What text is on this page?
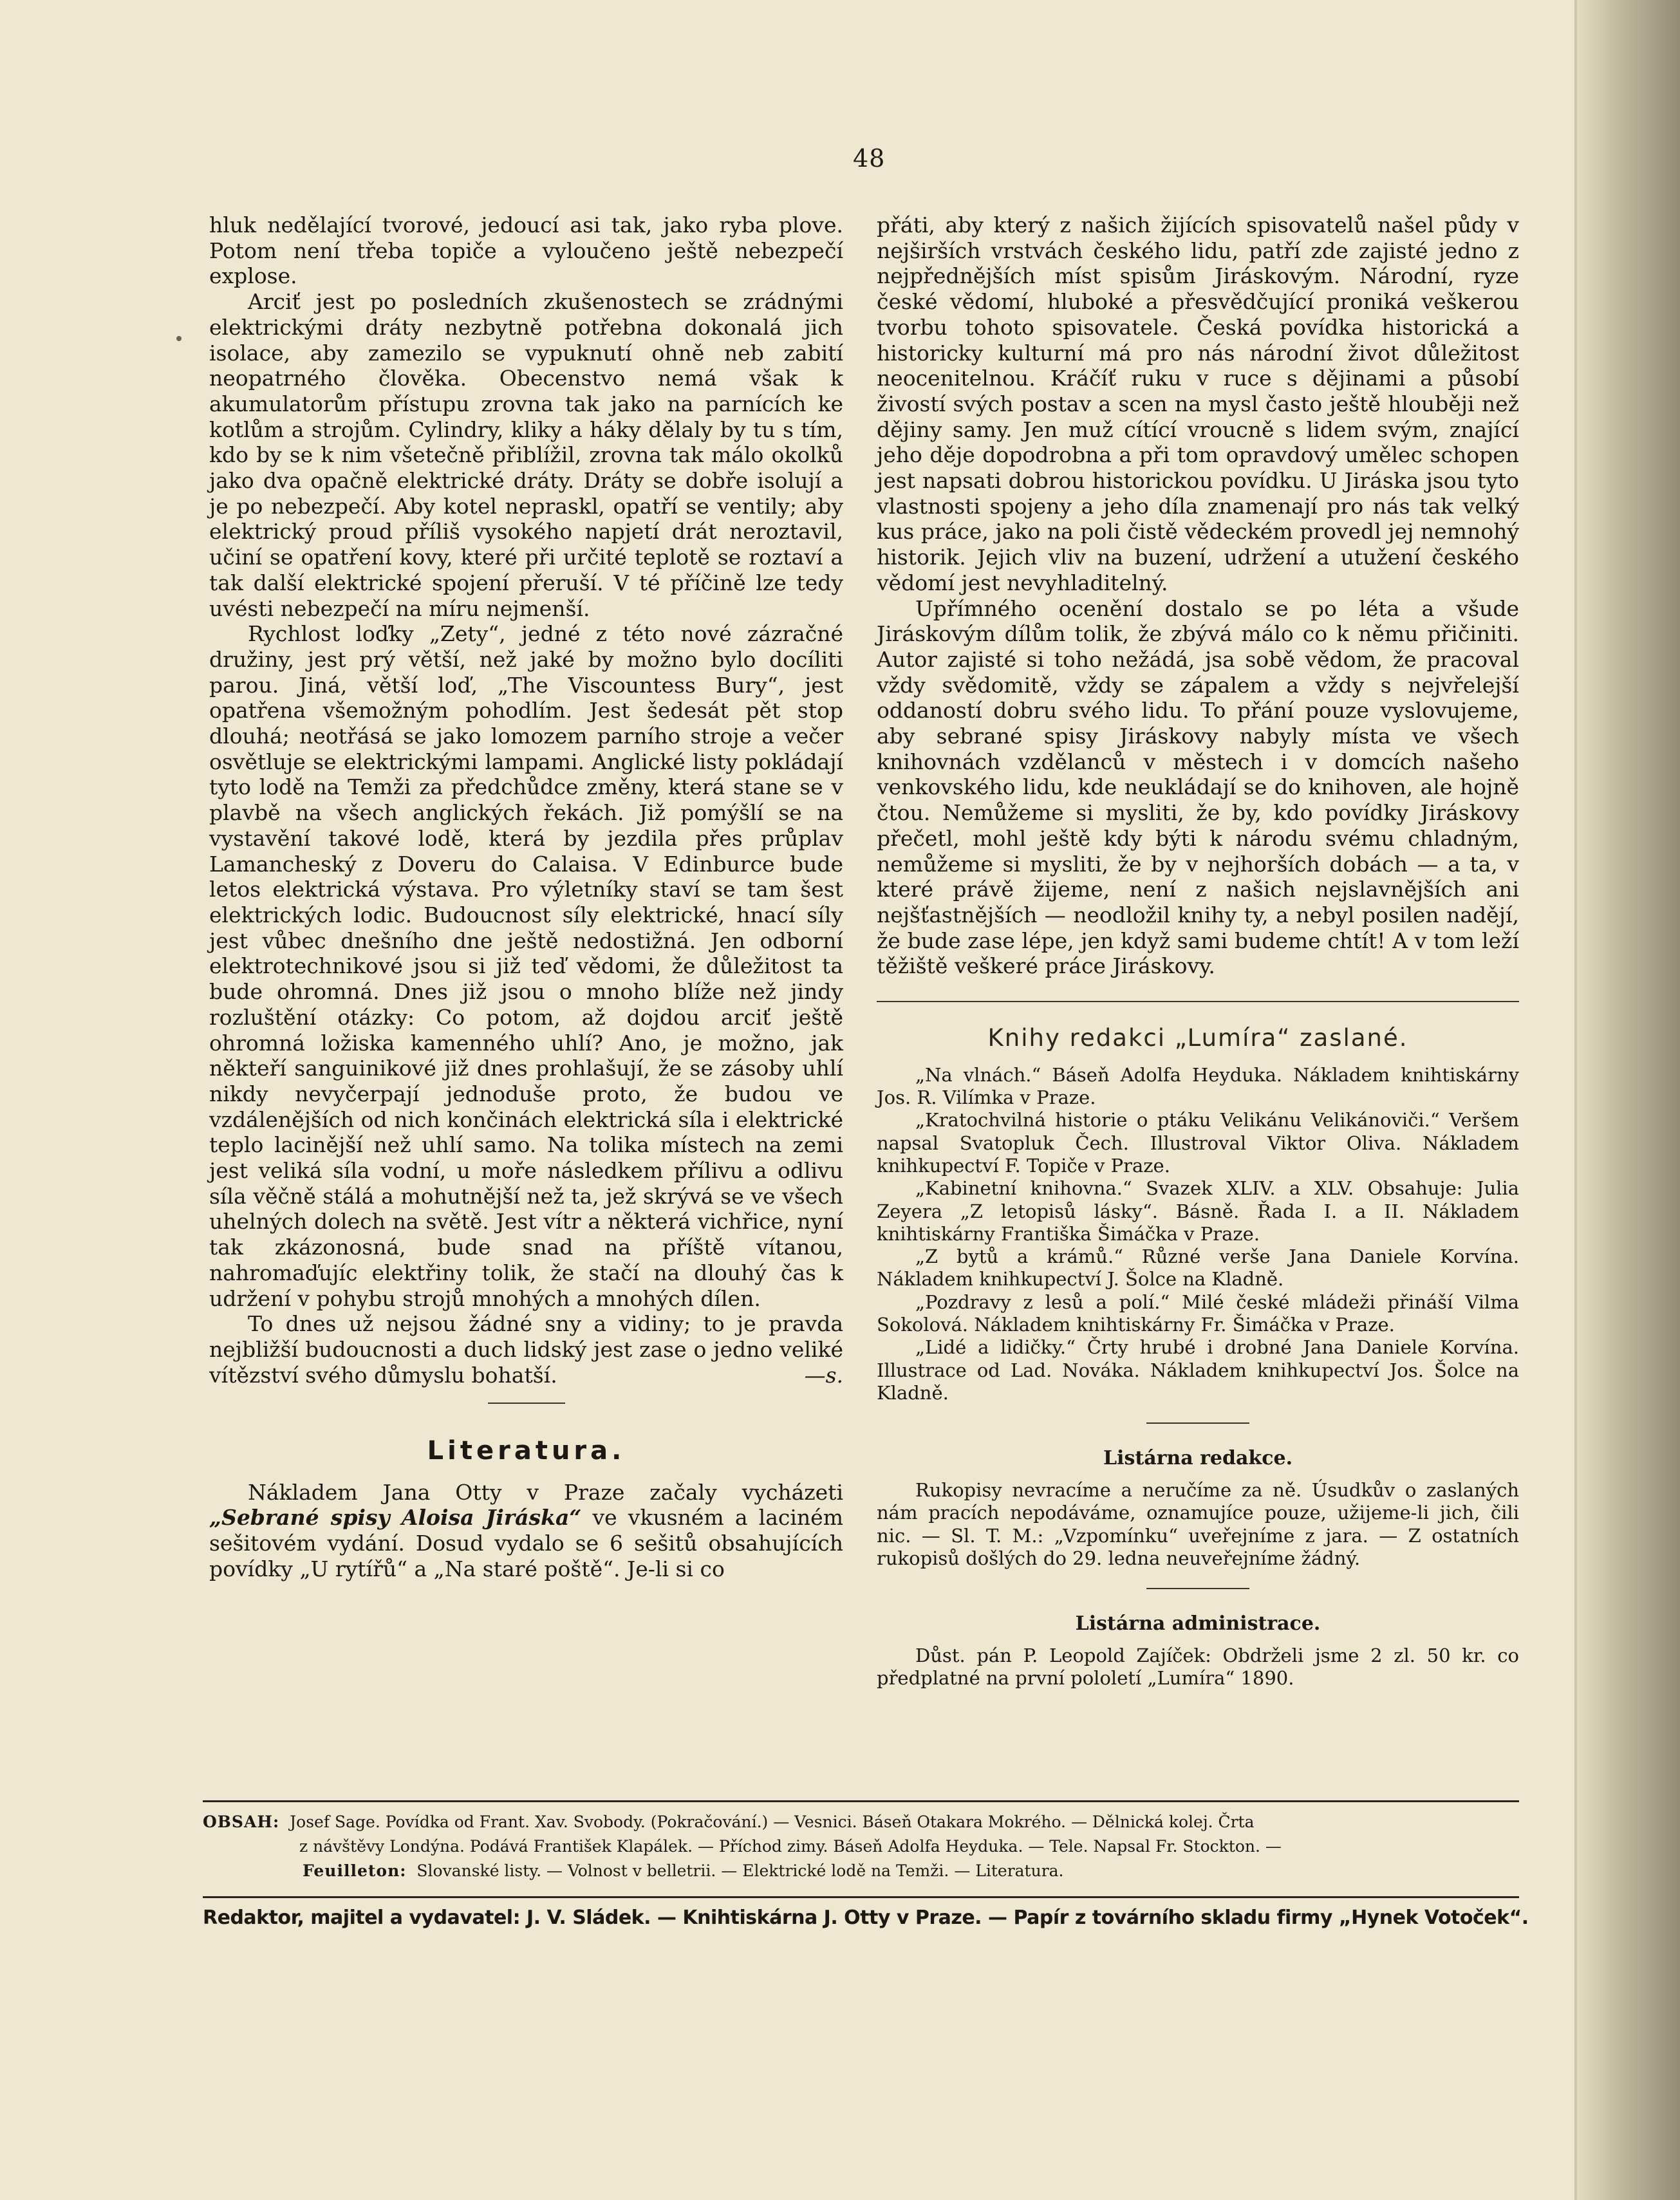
48

hluk nedělající tvorové, jedoucí asi tak, jako ryba plove. Potom není třeba topiče a vyloučeno ještě nebezpečí explose.

Arciť jest po posledních zkušenostech se zrádnými elektrickými dráty nezbytně potřebna dokonalá jich isolace, aby zamezilo se vypuknutí ohně neb zabití neopatrného člověka. Obecenstvo nemá však k akumulatorům přístupu zrovna tak jako na parnících ke kotlům a strojům. Cylindry, kliky a háky dělaly by tu s tím, kdo by se k nim všetečně přiblížil, zrovna tak málo okolků jako dva opačně elektrické dráty. Dráty se dobře isolují a je po nebezpečí. Aby kotel nepraskl, opatří se ventily; aby elektrický proud příliš vysokého napjetí drát neroztavil, učiní se opatření kovy, které při určité teplotě se roztaví a tak další elektrické spojení přeruší. V té příčině lze tedy uvésti nebezpečí na míru nejmenší.

Rychlost loďky „Zety“, jedné z této nové zázračné družiny, jest prý větší, než jaké by možno bylo docíliti parou. Jiná, větší loď, „The Viscountess Bury“, jest opatřena všemožným pohodlím. Jest šedesát pět stop dlouhá; neotřásá se jako lomozem parního stroje a večer osvětluje se elektrickými lampami. Anglické listy pokládají tyto lodě na Temži za předchůdce změny, která stane se v plavbě na všech anglických řekách. Již pomýšlí se na vystavění takové lodě, která by jezdila přes průplav Lamancheský z Doveru do Calaisa. V Edinburce bude letos elektrická výstava. Pro výletníky staví se tam šest elektrických lodic. Budoucnost síly elektrické, hnací síly jest vůbec dnešního dne ještě nedostižná. Jen odborní elektrotechnikové jsou si již teď vědomi, že důležitost ta bude ohromná. Dnes již jsou o mnoho blíže než jindy rozluštění otázky: Co potom, až dojdou arciť ještě ohromná ložiska kamenného uhlí? Ano, je možno, jak někteří sanguinikové již dnes prohlašují, že se zásoby uhlí nikdy nevyčerpají jednoduše proto, že budou ve vzdálenějších od nich končinách elektrická síla i elektrické teplo lacinější než uhlí samo. Na tolika místech na zemi jest veliká síla vodní, u moře následkem přílivu a odlivu síla věčně stálá a mohutnější než ta, jež skrývá se ve všech uhelných dolech na světě. Jest vítr a některá vichřice, nyní tak zkázonosná, bude snad na příště vítanou, nahromaďujíc elektřiny tolik, že stačí na dlouhý čas k udržení v pohybu strojů mnohých a mnohých dílen.

To dnes už nejsou žádné sny a vidiny; to je pravda nejbližší budoucnosti a duch lidský jest zase o jedno veliké vítězství svého důmyslu bohatší.	—s.
Literatura.

Nákladem Jana Otty v Praze začaly vycházeti „Sebrané spisy Aloisa Jiráska“ ve vkusném a laciném sešitovém vydání. Dosud vydalo se 6 sešitů obsahujících povídky „U rytířů“ a „Na staré poště“. Je-li si co

přáti, aby který z našich žijících spisovatelů našel půdy v nejširších vrstvách českého lidu, patří zde zajisté jedno z nejpřednějších míst spisům Jiráskovým. Národní, ryze české vědomí, hluboké a přesvědčující proniká veškerou tvorbu tohoto spisovatele. Česká povídka historická a historicky kulturní má pro nás národní život důležitost neocenitelnou. Kráčíť ruku v ruce s dějinami a působí živostí svých postav a scen na mysl často ještě hlouběji než dějiny samy. Jen muž cítící vroucně s lidem svým, znající jeho děje dopodrobna a při tom opravdový umělec schopen jest napsati dobrou historickou povídku. U Jiráska jsou tyto vlastnosti spojeny a jeho díla znamenají pro nás tak velký kus práce, jako na poli čistě vědeckém provedl jej nemnohý historik. Jejich vliv na buzení, udržení a utužení českého vědomí jest nevyhladitelný.

Upřímného ocenění dostalo se po léta a všude Jiráskovým dílům tolik, že zbývá málo co k němu přičiniti. Autor zajisté si toho nežádá, jsa sobě vědom, že pracoval vždy svědomitě, vždy se zápalem a vždy s nejvřelejší oddaností dobru svého lidu. To přání pouze vyslovujeme, aby sebrané spisy Jiráskovy nabyly místa ve všech knihovnách vzdělanců v městech i v domcích našeho venkovského lidu, kde neukládají se do knihoven, ale hojně čtou. Nemůžeme si mysliti, že by, kdo povídky Jiráskovy přečetl, mohl ještě kdy býti k národu svému chladným, nemůžeme si mysliti, že by v nejhorších dobách — a ta, v které právě žijeme, není z našich nejslavnějších ani nejšťastnějších — neodložil knihy ty, a nebyl posilen nadějí, že bude zase lépe, jen když sami budeme chtít! A v tom leží těžiště veškeré práce Jiráskovy.

Knihy redakci „Lumíra“ zaslané.

„Na vlnách.“ Báseň Adolfa Heyduka. Nákladem knihtiskárny Jos. R. Vilímka v Praze.

„Kratochvilná historie o ptáku Velikánu Velikánoviči.“ Veršem napsal Svatopluk Čech. Illustroval Viktor Oliva. Nákladem knihkupectví F. Topiče v Praze.

„Kabinetní knihovna.“ Svazek XLIV. a XLV. Obsahuje: Julia Zeyera „Z letopisů lásky“. Básně. Řada I. a II. Nákladem knihtiskárny Františka Šimáčka v Praze.

„Z bytů a krámů.“ Různé verše Jana Daniele Korvína. Nákladem knihkupectví J. Šolce na Kladně.

„Pozdravy z lesů a polí.“ Milé české mládeži přináší Vilma Sokolová. Nákladem knihtiskárny Fr. Šimáčka v Praze.

„Lidé a lidičky.“ Črty hrubé i drobné Jana Daniele Korvína. Illustrace od Lad. Nováka. Nákladem knihkupectví Jos. Šolce na Kladně.

Listárna redakce.

Rukopisy nevracíme a neručíme za ně. Úsudkův o zaslaných nám pracích nepodáváme, oznamujíce pouze, užijeme-li jich, čili nic. — Sl. T. M.: „Vzpomínku“ uveřejníme z jara. — Z ostatních rukopisů došlých do 29. ledna neuveřejníme žádný.

Listárna administrace.

Důst. pán P. Leopold Zajíček: Obdrželi jsme 2 zl. 50 kr. co předplatné na první pololetí „Lumíra“ 1890.

OBSAH: Josef Sage. Povídka od Frant. Xav. Svobody. (Pokračování.) — Vesnici. Báseň Otakara Mokrého. — Dělnická kolej. Črta
z návštěvy Londýna. Podává František Klapálek. — Příchod zimy. Báseň Adolfa Heyduka. — Tele. Napsal Fr. Stockton. —
Feuilleton: Slovanské listy. — Volnost v belletrii. — Elektrické lodě na Temži. — Literatura.
Redaktor, majitel a vydavatel: J. V. Sládek. — Knihtiskárna J. Otty v Praze. — Papír z továrního skladu firmy „Hynek Votoček“.
